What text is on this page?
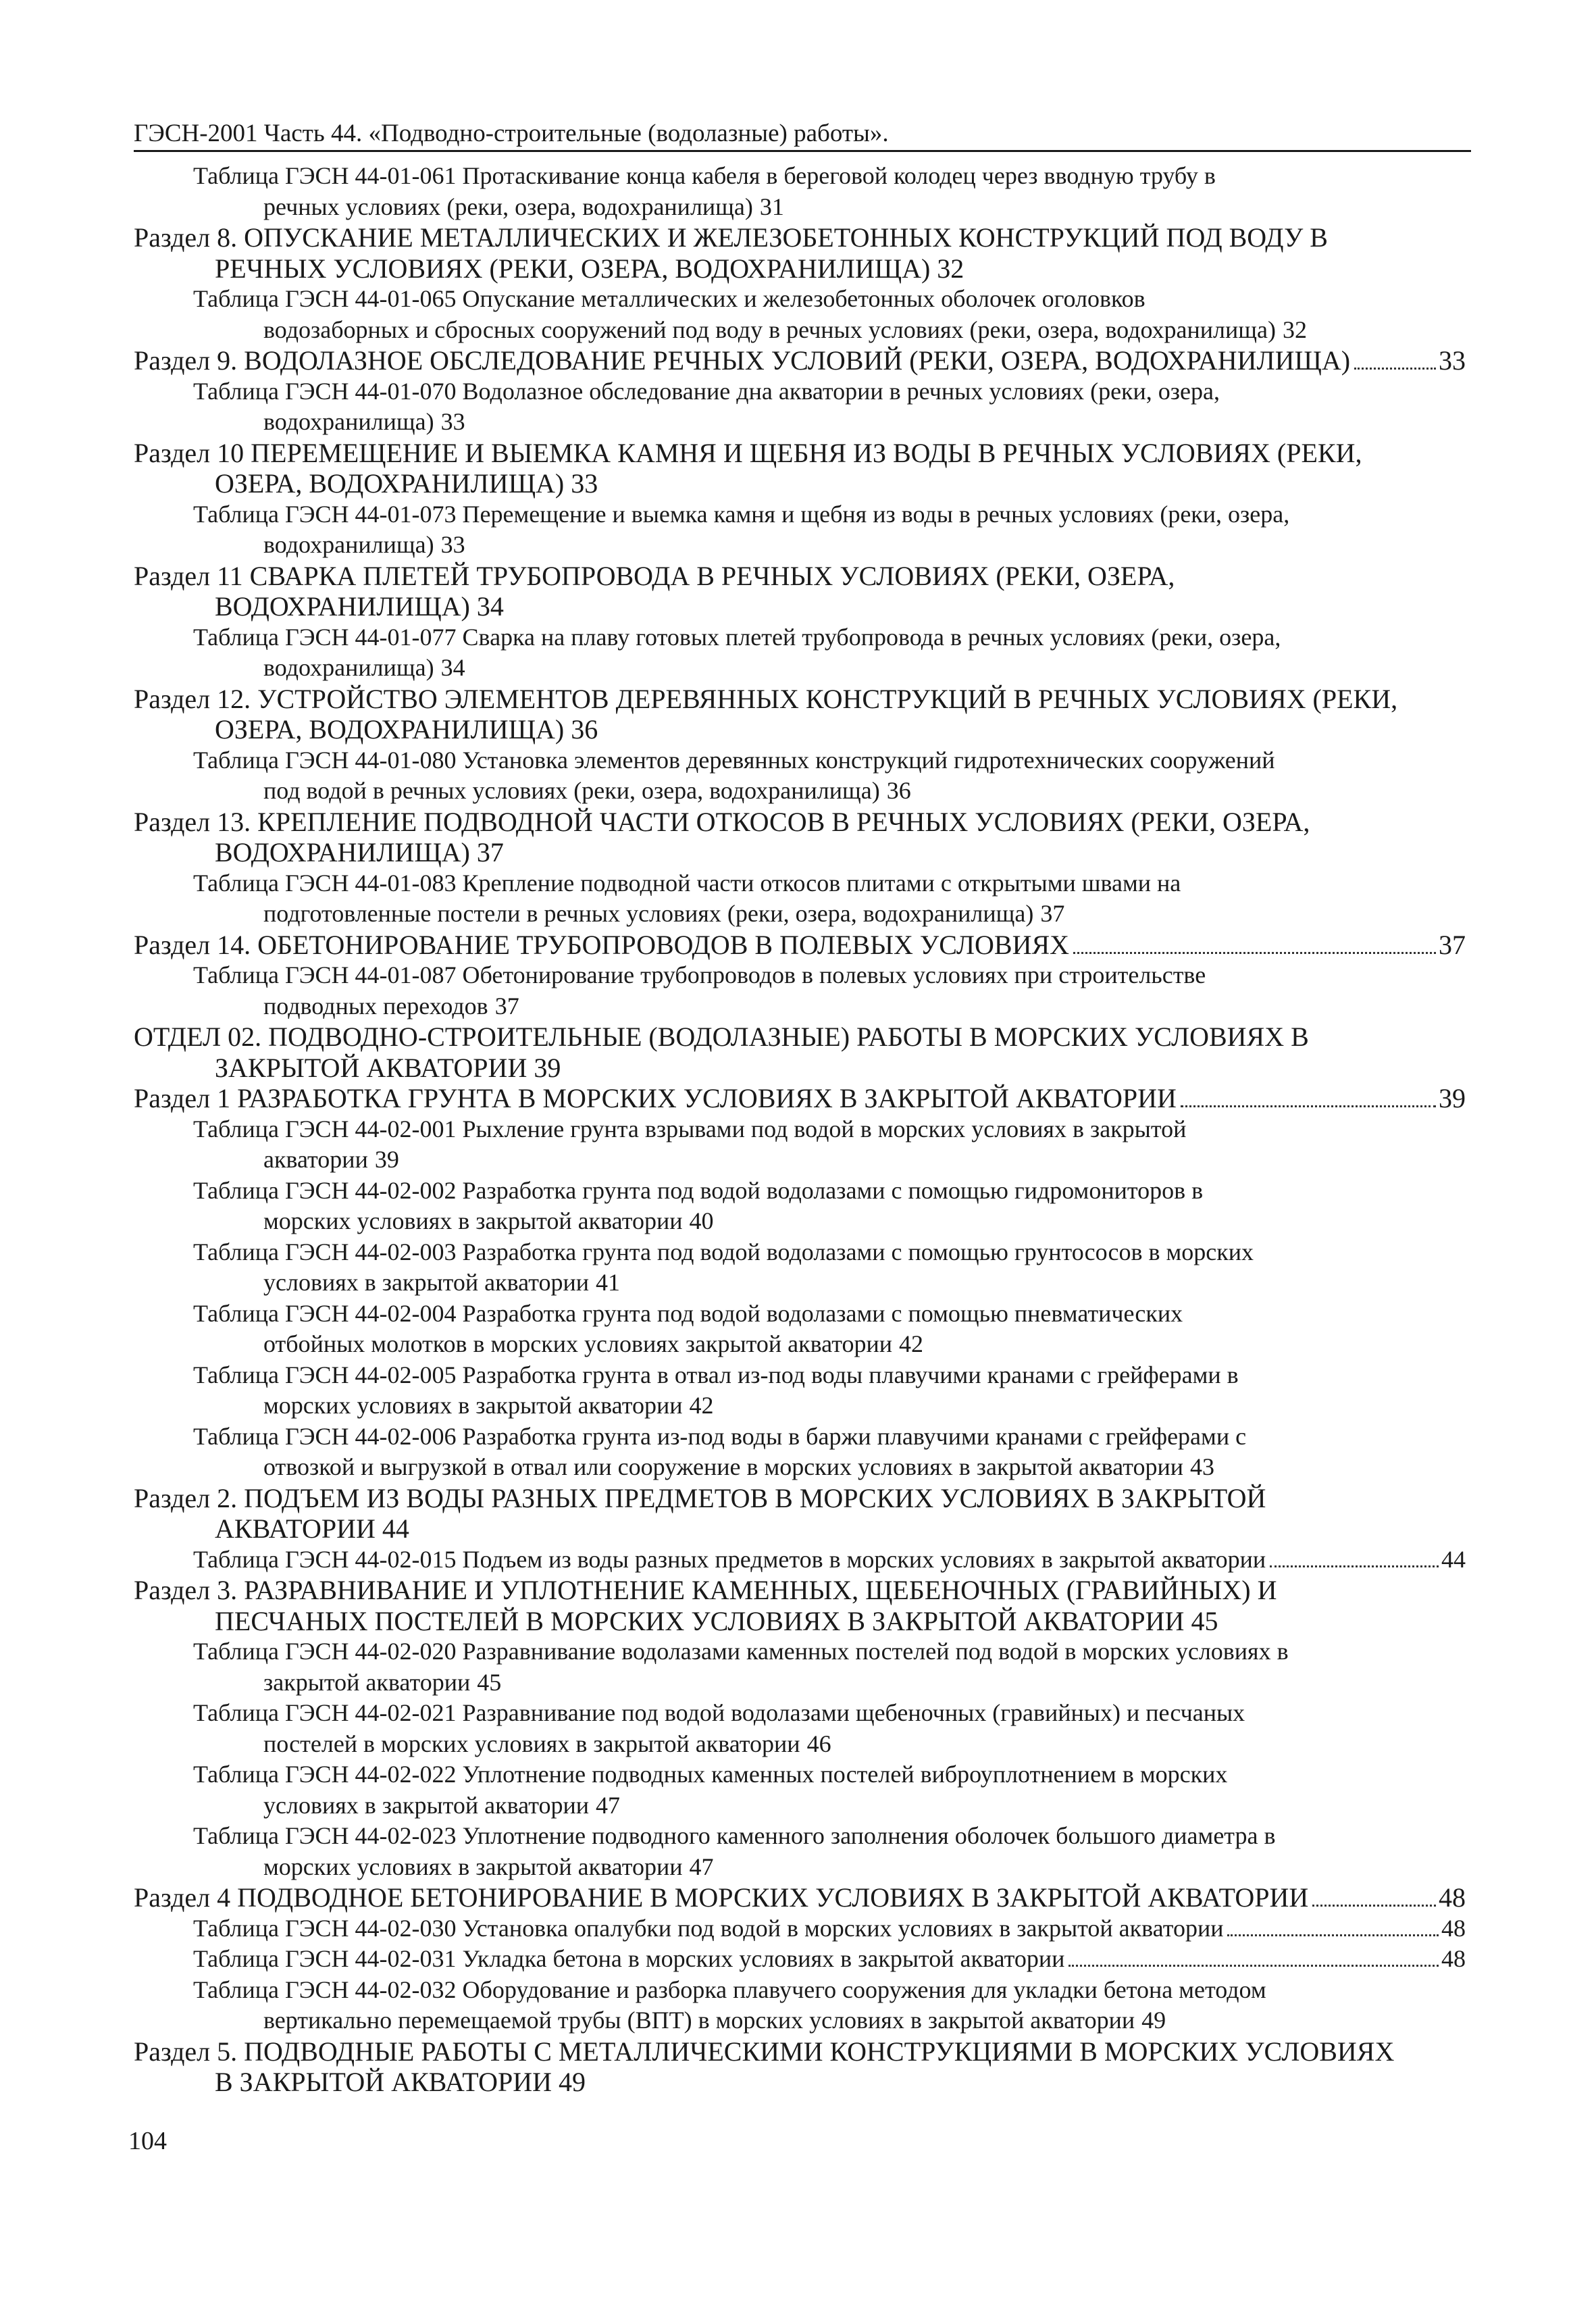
ГЭСН-2001 Часть 44. «Подводно-строительные (водолазные) работы».
Таблица ГЭСН 44-01-061 Протаскивание конца кабеля в береговой колодец через вводную трубу в
речных условиях (реки, озера, водохранилища) 31
Раздел 8. ОПУСКАНИЕ МЕТАЛЛИЧЕСКИХ И ЖЕЛЕЗОБЕТОННЫХ КОНСТРУКЦИЙ ПОД ВОДУ В
РЕЧНЫХ УСЛОВИЯХ (РЕКИ, ОЗЕРА, ВОДОХРАНИЛИЩА) 32
Таблица ГЭСН 44-01-065 Опускание металлических и железобетонных оболочек оголовков
водозаборных и сбросных сооружений под воду в речных условиях (реки, озера, водохранилища) 32
Раздел 9. ВОДОЛАЗНОЕ ОБСЛЕДОВАНИЕ РЕЧНЫХ УСЛОВИЙ (РЕКИ, ОЗЕРА, ВОДОХРАНИЛИЩА)	33
Таблица ГЭСН 44-01-070 Водолазное обследование дна акватории в речных условиях (реки, озера,
водохранилища) 33
Раздел 10 ПЕРЕМЕЩЕНИЕ И ВЫЕМКА КАМНЯ И ЩЕБНЯ ИЗ ВОДЫ В РЕЧНЫХ УСЛОВИЯХ (РЕКИ,
ОЗЕРА, ВОДОХРАНИЛИЩА) 33
Таблица ГЭСН 44-01-073 Перемещение и выемка камня и щебня из воды в речных условиях (реки, озера,
водохранилища) 33
Раздел 11 СВАРКА ПЛЕТЕЙ ТРУБОПРОВОДА В РЕЧНЫХ УСЛОВИЯХ (РЕКИ, ОЗЕРА,
ВОДОХРАНИЛИЩА) 34
Таблица ГЭСН 44-01-077 Сварка на плаву готовых плетей трубопровода в речных условиях (реки, озера,
водохранилища) 34
Раздел 12. УСТРОЙСТВО ЭЛЕМЕНТОВ ДЕРЕВЯННЫХ КОНСТРУКЦИЙ В РЕЧНЫХ УСЛОВИЯХ (РЕКИ,
ОЗЕРА, ВОДОХРАНИЛИЩА) 36
Таблица ГЭСН 44-01-080 Установка элементов деревянных конструкций гидротехнических сооружений
под водой в речных условиях (реки, озера, водохранилища) 36
Раздел 13. КРЕПЛЕНИЕ ПОДВОДНОЙ ЧАСТИ ОТКОСОВ В РЕЧНЫХ УСЛОВИЯХ (РЕКИ, ОЗЕРА,
ВОДОХРАНИЛИЩА) 37
Таблица ГЭСН 44-01-083 Крепление подводной части откосов плитами с открытыми швами на
подготовленные постели в речных условиях (реки, озера, водохранилища) 37
Раздел 14. ОБЕТОНИРОВАНИЕ ТРУБОПРОВОДОВ В ПОЛЕВЫХ УСЛОВИЯХ	37
Таблица ГЭСН 44-01-087 Обетонирование трубопроводов в полевых условиях при строительстве
подводных переходов 37
ОТДЕЛ 02. ПОДВОДНО-СТРОИТЕЛЬНЫЕ (ВОДОЛАЗНЫЕ) РАБОТЫ В МОРСКИХ УСЛОВИЯХ В
ЗАКРЫТОЙ АКВАТОРИИ 39
Раздел 1 РАЗРАБОТКА ГРУНТА В МОРСКИХ УСЛОВИЯХ В ЗАКРЫТОЙ АКВАТОРИИ	39
Таблица ГЭСН 44-02-001 Рыхление грунта взрывами под водой в морских условиях в закрытой
акватории 39
Таблица ГЭСН 44-02-002 Разработка грунта под водой водолазами с помощью гидромониторов в
морских условиях в закрытой акватории 40
Таблица ГЭСН 44-02-003 Разработка грунта под водой водолазами с помощью грунтососов в морских
условиях в закрытой акватории 41
Таблица ГЭСН 44-02-004 Разработка грунта под водой водолазами с помощью пневматических
отбойных молотков в морских условиях закрытой акватории 42
Таблица ГЭСН 44-02-005 Разработка грунта в отвал из-под воды плавучими кранами с грейферами в
морских условиях в закрытой акватории 42
Таблица ГЭСН 44-02-006 Разработка грунта из-под воды в баржи плавучими кранами с грейферами с
отвозкой и выгрузкой в отвал или сооружение в морских условиях в закрытой акватории 43
Раздел 2. ПОДЪЕМ ИЗ ВОДЫ РАЗНЫХ ПРЕДМЕТОВ В МОРСКИХ УСЛОВИЯХ В ЗАКРЫТОЙ
АКВАТОРИИ 44
Таблица ГЭСН 44-02-015 Подъем из воды разных предметов в морских условиях в закрытой акватории	44
Раздел 3. РАЗРАВНИВАНИЕ И УПЛОТНЕНИЕ КАМЕННЫХ, ЩЕБЕНОЧНЫХ (ГРАВИЙНЫХ) И
ПЕСЧАНЫХ ПОСТЕЛЕЙ В МОРСКИХ УСЛОВИЯХ В ЗАКРЫТОЙ АКВАТОРИИ 45
Таблица ГЭСН 44-02-020 Разравнивание водолазами каменных постелей под водой в морских условиях в
закрытой акватории 45
Таблица ГЭСН 44-02-021 Разравнивание под водой водолазами щебеночных (гравийных) и песчаных
постелей в морских условиях в закрытой акватории 46
Таблица ГЭСН 44-02-022 Уплотнение подводных каменных постелей виброуплотнением в морских
условиях в закрытой акватории 47
Таблица ГЭСН 44-02-023 Уплотнение подводного каменного заполнения оболочек большого диаметра в
морских условиях в закрытой акватории 47
Раздел 4 ПОДВОДНОЕ БЕТОНИРОВАНИЕ В МОРСКИХ УСЛОВИЯХ В ЗАКРЫТОЙ АКВАТОРИИ	48
Таблица ГЭСН 44-02-030 Установка опалубки под водой в морских условиях в закрытой акватории	48
Таблица ГЭСН 44-02-031 Укладка бетона в морских условиях в закрытой акватории	48
Таблица ГЭСН 44-02-032 Оборудование и разборка плавучего сооружения для укладки бетона методом
вертикально перемещаемой трубы (ВПТ) в морских условиях в закрытой акватории 49
Раздел 5. ПОДВОДНЫЕ РАБОТЫ С МЕТАЛЛИЧЕСКИМИ КОНСТРУКЦИЯМИ В МОРСКИХ УСЛОВИЯХ
В ЗАКРЫТОЙ АКВАТОРИИ 49
104
